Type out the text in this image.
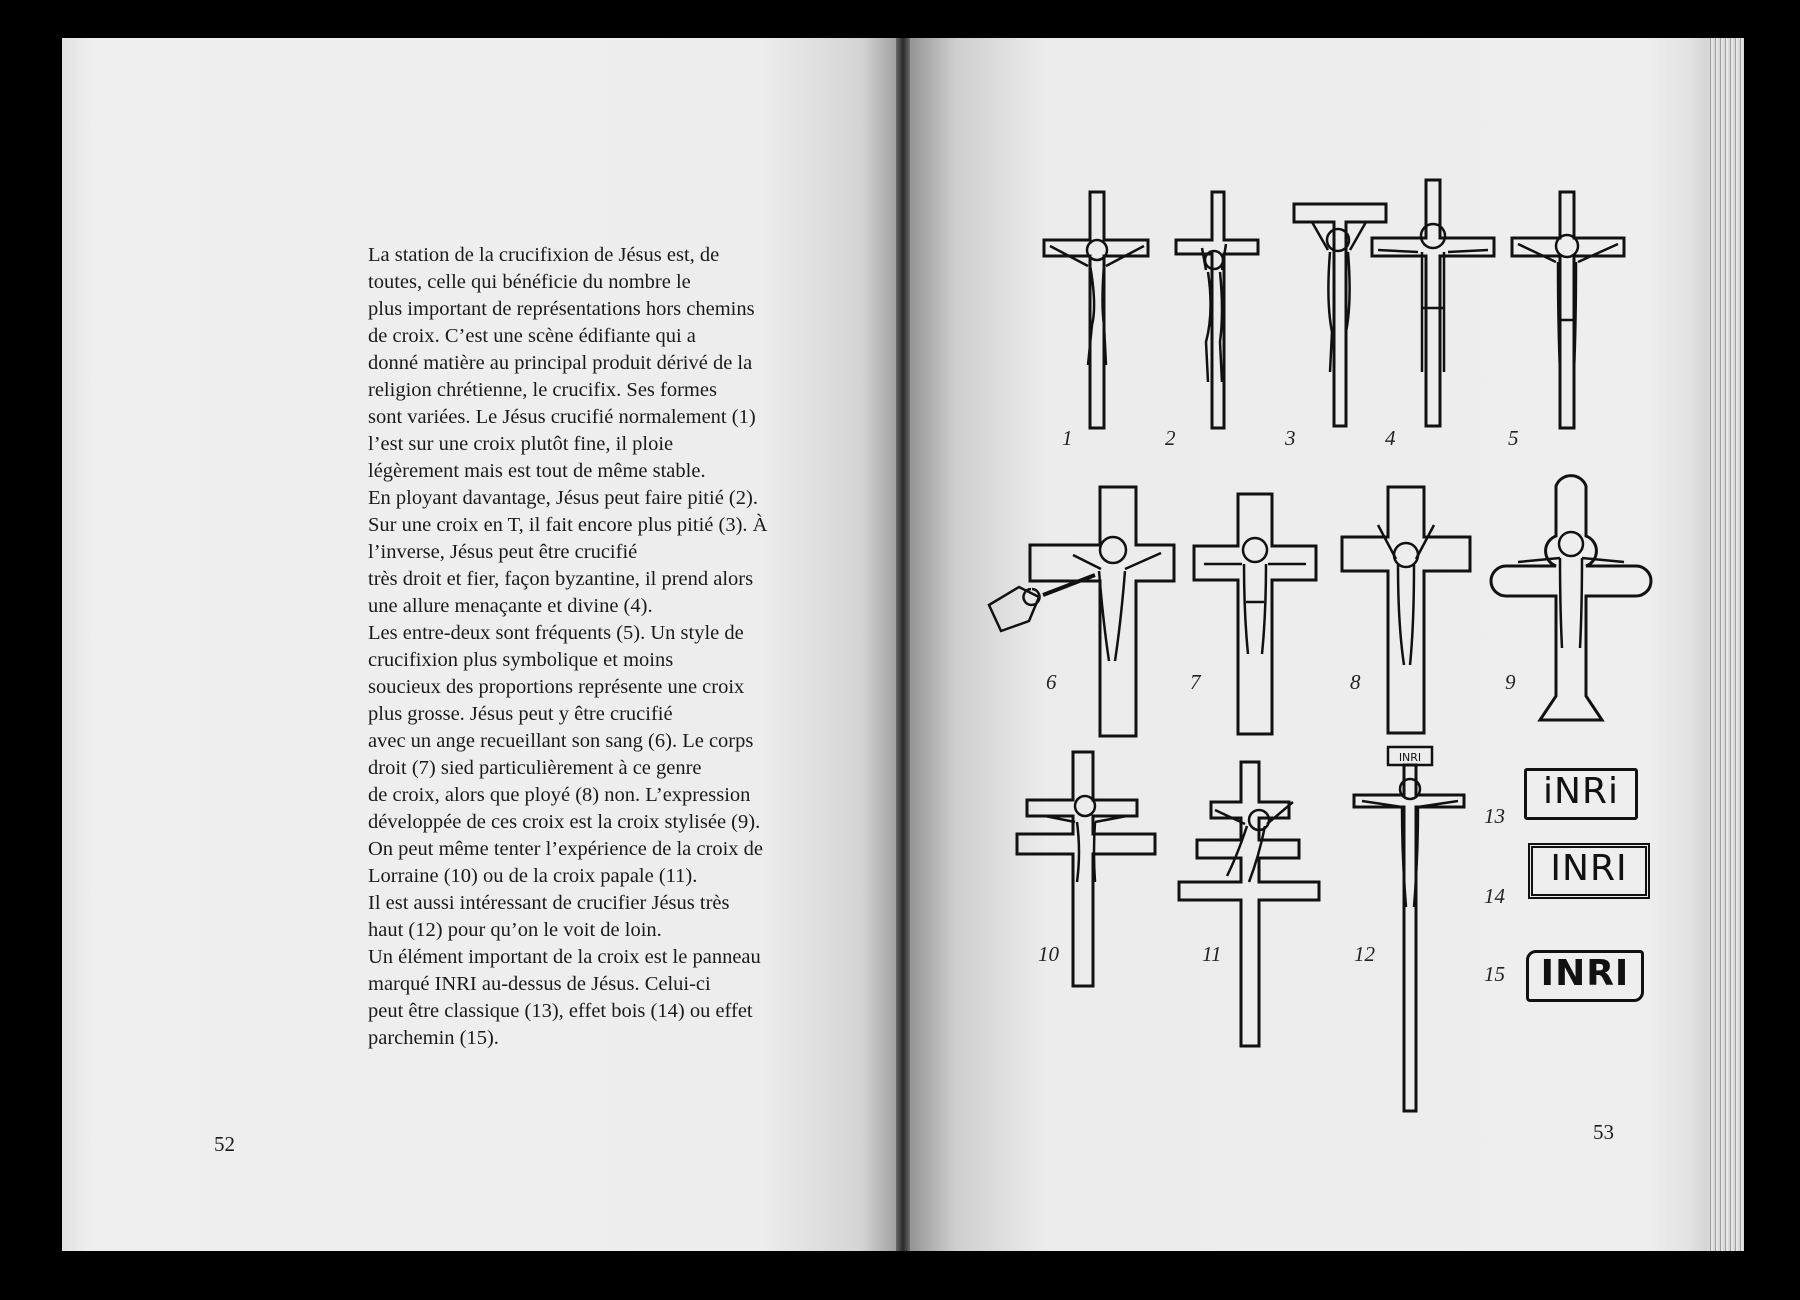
La station de la crucifixion de Jésus est, de
toutes, celle qui bénéficie du nombre le
plus important de représentations hors chemins
de croix. C’est une scène édifiante qui a
donné matière au principal produit dérivé de la
religion chrétienne, le crucifix. Ses formes
sont variées. Le Jésus crucifié normalement (1)
l’est sur une croix plutôt fine, il ploie
légèrement mais est tout de même stable.
En ployant davantage, Jésus peut faire pitié (2).
Sur une croix en T, il fait encore plus pitié (3). À
l’inverse, Jésus peut être crucifié
très droit et fier, façon byzantine, il prend alors
une allure menaçante et divine (4).
Les entre-deux sont fréquents (5). Un style de
crucifixion plus symbolique et moins
soucieux des proportions représente une croix
plus grosse. Jésus peut y être crucifié
avec un ange recueillant son sang (6). Le corps
droit (7) sied particulièrement à ce genre
de croix, alors que ployé (8) non. L’expression
développée de ces croix est la croix stylisée (9).
On peut même tenter l’expérience de la croix de
Lorraine (10) ou de la croix papale (11).
Il est aussi intéressant de crucifier Jésus très
haut (12) pour qu’on le voit de loin.
Un élément important de la croix est le panneau
marqué INRI au-dessus de Jésus. Celui-ci
peut être classique (13), effet bois (14) ou effet
parchemin (15).

52	53
INRI
1	2	3	4	5
6	7	8	9
10	11	12
13
14
15
iNRi
INRI
INRI
